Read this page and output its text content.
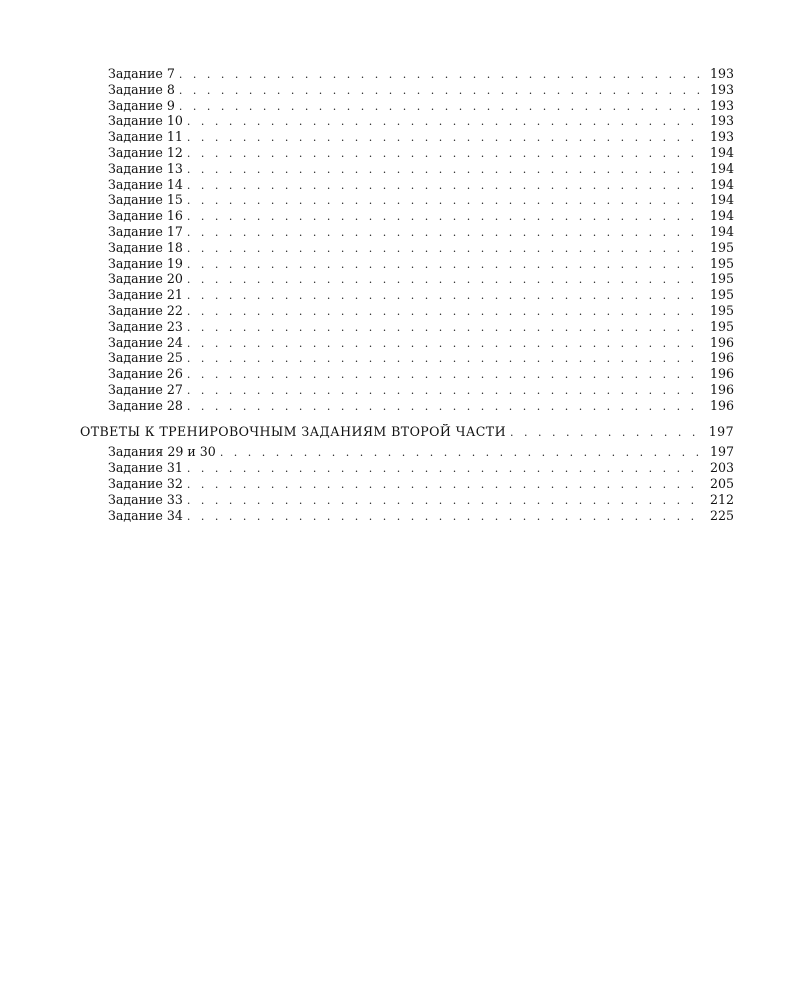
Задание 7 . . .	193
Задание 8 . . .	193
Задание 9 . . .	193
Задание 10 . . .	193
Задание 11 . . .	193
Задание 12 . . .	194
Задание 13 . . .	194
Задание 14 . . .	194
Задание 15 . . .	194
Задание 16 . . .	194
Задание 17 . . .	194
Задание 18 . . .	195
Задание 19 . . .	195
Задание 20 . . .	195
Задание 21 . . .	195
Задание 22 . . .	195
Задание 23 . . .	195
Задание 24 . . .	196
Задание 25 . . .	196
Задание 26 . . .	196
Задание 27 . . .	196
Задание 28 . . .	196
ОТВЕТЫ К ТРЕНИРОВОЧНЫМ ЗАДАНИЯМ ВТОРОЙ ЧАСТИ . . .	197
Задания 29 и 30 . . .	197
Задание 31 . . .	203
Задание 32 . . .	205
Задание 33 . . .	212
Задание 34 . . .	225
